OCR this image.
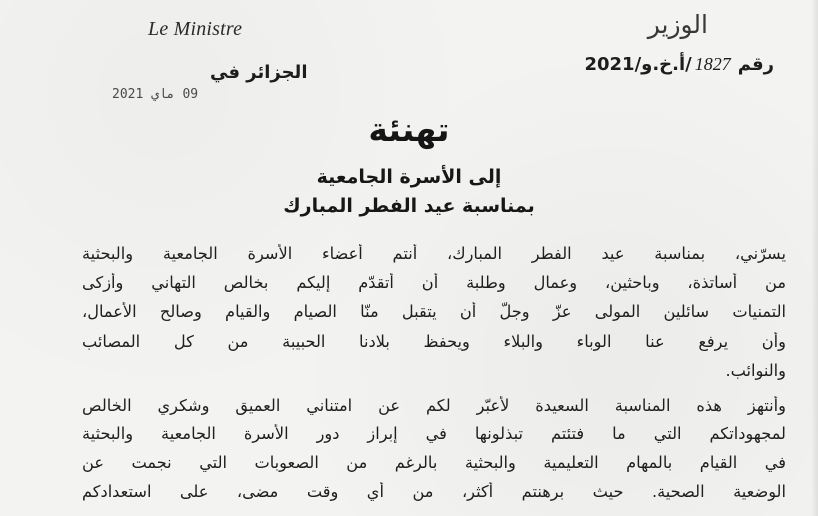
Le Ministre	الوزير
رقم1827/أ.خ.و/2021
الجزائر في
09 ماي 2021
تهنئة
إلى الأسرة الجامعية
بمناسبة عيد الفطر المبارك
يسرّني، بمناسبة عيد الفطر المبارك، أنتم أعضاء الأسرة الجامعية والبحثية
من أساتذة، وباحثين، وعمال وطلبة أن أتقدّم إليكم بخالص التهاني وأزكى
التمنيات سائلين المولى عزّ وجلّ أن يتقبل منّا الصيام والقيام وصالح الأعمال،
وأن يرفع عنا الوباء والبلاء ويحفظ بلادنا الحبيبة من كل المصائب
والنوائب.
وأنتهز هذه المناسبة السعيدة لأعبّر لكم عن امتناني العميق وشكري الخالص
لمجهوداتكم التي ما فتئتم تبذلونها في إبراز دور الأسرة الجامعية والبحثية
في القيام بالمهام التعليمية والبحثية بالرغم من الصعوبات التي نجمت عن
الوضعية الصحية. حيث برهنتم أكثر، من أي وقت مضى، على استعدادكم
